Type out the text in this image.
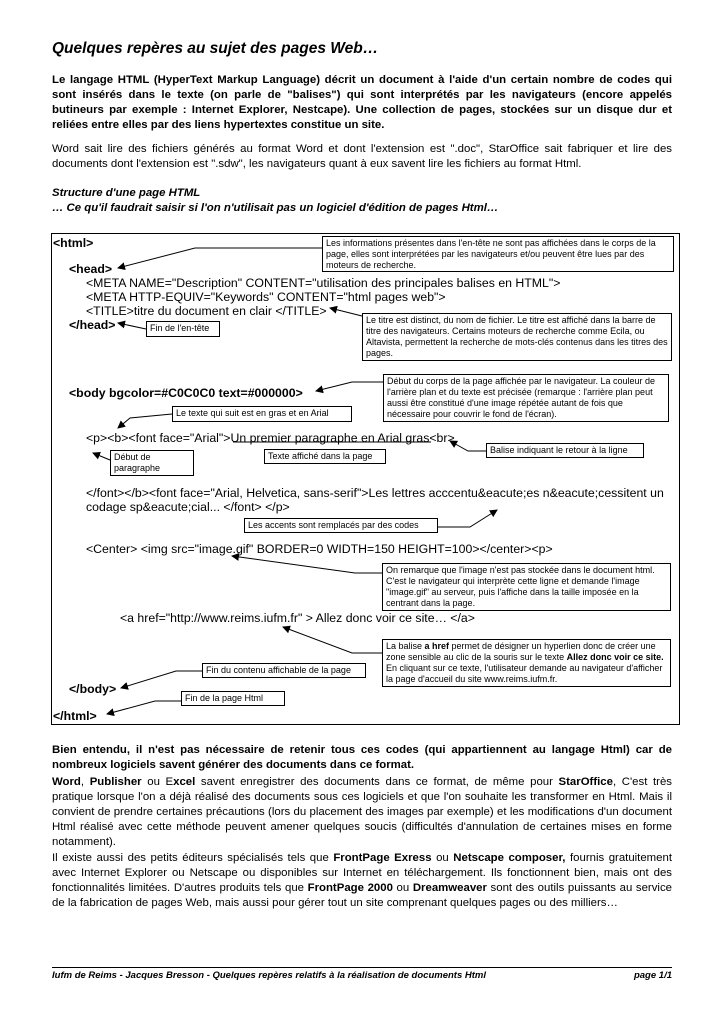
Quelques repères au sujet des pages Web…
Le langage HTML (HyperText Markup Language) décrit un document à l'aide d'un certain nombre de codes qui sont insérés dans le texte (on parle de "balises") qui sont interprétés par les navigateurs (encore appelés butineurs par exemple : Internet Explorer, Nestcape). Une collection de pages, stockées sur un disque dur et reliées entre elles par des liens hypertextes constitue un site.
Word sait lire des fichiers générés au format Word et dont l'extension est ".doc", StarOffice sait fabriquer et lire des documents dont l'extension est ".sdw", les navigateurs quant à eux savent lire les fichiers au format Html.
Structure d'une page HTML
… Ce qu'il faudrait saisir si l'on n'utilisait pas un logiciel d'édition de pages Html…
<html>
<head>
<META NAME="Description" CONTENT="utilisation des principales balises en HTML">
<META HTTP-EQUIV="Keywords" CONTENT="html pages web">
<TITLE>titre du document en clair </TITLE>
</head>
<body bgcolor=#C0C0C0 text=#000000>
<p><b><font face="Arial">Un premier paragraphe en Arial gras<br>
</font></b><font face="Arial, Helvetica, sans-serif">Les lettres acccentu&eacute;es n&eacute;cessitent un
codage sp&eacute;cial... </font> </p>
<Center> <img src="image.gif" BORDER=0 WIDTH=150 HEIGHT=100></center><p>
<a href="http://www.reims.iufm.fr" > Allez donc voir ce site… </a>
</body>
</html>
Les informations présentes dans l'en-tête ne sont pas affichées dans le corps de la page, elles sont interprétées par les navigateurs et/ou peuvent être lues par des moteurs de recherche.
Fin de l'en-tête
Le titre est distinct, du nom de fichier. Le titre est affiché dans la barre de titre des navigateurs. Certains moteurs de recherche comme Ecila, ou Altavista, permettent la recherche de mots-clés contenus dans les titres des pages.
Début du corps de la page affichée par le navigateur. La couleur de l'arrière plan et du texte est précisée (remarque : l'arrière plan peut aussi être constitué d'une image répétée autant de fois que nécessaire pour couvrir le fond de l'écran).
Le texte qui suit est en gras et en Arial
Début de paragraphe
Texte affiché dans la page
Balise indiquant le retour à la ligne
Les accents sont remplacés par des codes
On remarque que l'image n'est pas stockée dans le document html. C'est le navigateur qui interprète cette ligne et demande l'image "image.gif" au serveur, puis l'affiche dans la taille imposée en la centrant dans la page.
La balise a href permet de désigner un hyperlien donc de créer une zone sensible au clic de la souris sur le texte Allez donc voir ce site. En cliquant sur ce texte, l'utilisateur demande au navigateur d'afficher la page d'accueil du site www.reims.iufm.fr.
Fin du contenu affichable de la page
Fin de la page Html
Bien entendu, il n'est pas nécessaire de retenir tous ces codes (qui appartiennent au langage Html) car de nombreux logiciels savent générer des documents dans ce format.
Word, Publisher ou Excel savent enregistrer des documents dans ce format, de même pour StarOffice, C'est très pratique lorsque l'on a déjà réalisé des documents sous ces logiciels et que l'on souhaite les transformer en Html. Mais il convient de prendre certaines précautions (lors du placement des images par exemple) et les modifications d'un document Html réalisé avec cette méthode peuvent amener quelques soucis (difficultés d'annulation de certaines mises en forme notamment).
Il existe aussi des petits éditeurs spécialisés tels que FrontPage Exress ou Netscape composer, fournis gratuitement avec Internet Explorer ou Netscape ou disponibles sur Internet en téléchargement. Ils fonctionnent bien, mais ont des fonctionnalités limitées. D'autres produits tels que FrontPage 2000 ou Dreamweaver sont des outils puissants au service de la fabrication de pages Web, mais aussi pour gérer tout un site comprenant quelques pages ou des milliers…
Iufm de Reims - Jacques Bresson - Quelques repères relatifs à la réalisation de documents Html	page 1/1
